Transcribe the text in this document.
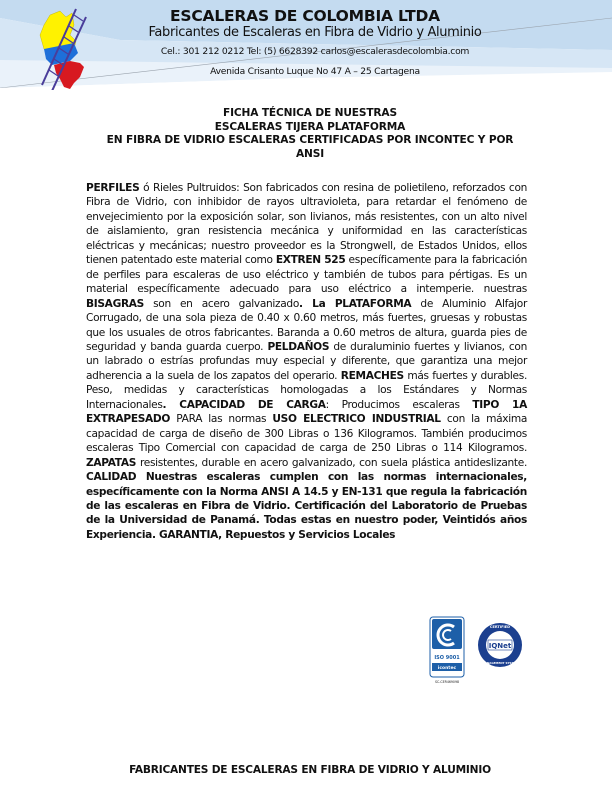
ESCALERAS DE COLOMBIA LTDA
Fabricantes de Escaleras en Fibra de Vidrio y Aluminio
Cel.: 301 212 0212 Tel: (5) 6628392 carlos@escalerasdecolombia.com
Avenida Crisanto Luque No 47 A – 25 Cartagena
FICHA TÉCNICA DE NUESTRAS
ESCALERAS TIJERA PLATAFORMA
EN FIBRA DE VIDRIO ESCALERAS CERTIFICADAS POR INCONTEC Y POR
ANSI
PERFILES ó Rieles Pultruidos: Son fabricados con resina de polietileno, reforzados con Fibra de Vidrio, con inhibidor de rayos ultravioleta, para retardar el fenómeno de envejecimiento por la exposición solar, son livianos, más resistentes, con un alto nivel de aislamiento, gran resistencia mecánica y uniformidad en las características eléctricas y mecánicas; nuestro proveedor es la Strongwell, de Estados Unidos, ellos tienen patentado este material como EXTREN 525 específicamente para la fabricación de perfiles para escaleras de uso eléctrico y también de tubos para pértigas. Es un material específicamente adecuado para uso eléctrico a intemperie. nuestras BISAGRAS son en acero galvanizado. La PLATAFORMA de Aluminio Alfajor Corrugado, de una sola pieza de 0.40 x 0.60 metros, más fuertes, gruesas y robustas que los usuales de otros fabricantes. Baranda a 0.60 metros de altura, guarda pies de seguridad y banda guarda cuerpo. PELDAÑOS de duraluminio fuertes y livianos, con un labrado o estrías profundas muy especial y diferente, que garantiza una mejor adherencia a la suela de los zapatos del operario. REMACHES más fuertes y durables. Peso, medidas y características homologadas a los Estándares y Normas Internacionales. CAPACIDAD DE CARGA: Producimos escaleras TIPO 1A EXTRAPESADO PARA las normas USO ELECTRICO INDUSTRIAL con la máxima capacidad de carga de diseño de 300 Libras o 136 Kilogramos. También producimos escaleras Tipo Comercial con capacidad de carga de 250 Libras o 114 Kilogramos. ZAPATAS resistentes, durable en acero galvanizado, con suela plástica antideslizante. CALIDAD Nuestras escaleras cumplen con las normas internacionales, específicamente con la Norma ANSI A 14.5 y EN-131 que regula la fabricación de las escaleras en Fibra de Vidrio. Certificación del Laboratorio de Pruebas de la Universidad de Panamá. Todas estas en nuestro poder, Veintidós años Experiencia. GARANTIA, Repuestos y Servicios Locales
ISO 9001
icontec
SC-CER469098
IQNet
CERTIFIED
MANAGEMENT SYSTEM
FABRICANTES DE ESCALERAS EN FIBRA DE VIDRIO Y ALUMINIO
